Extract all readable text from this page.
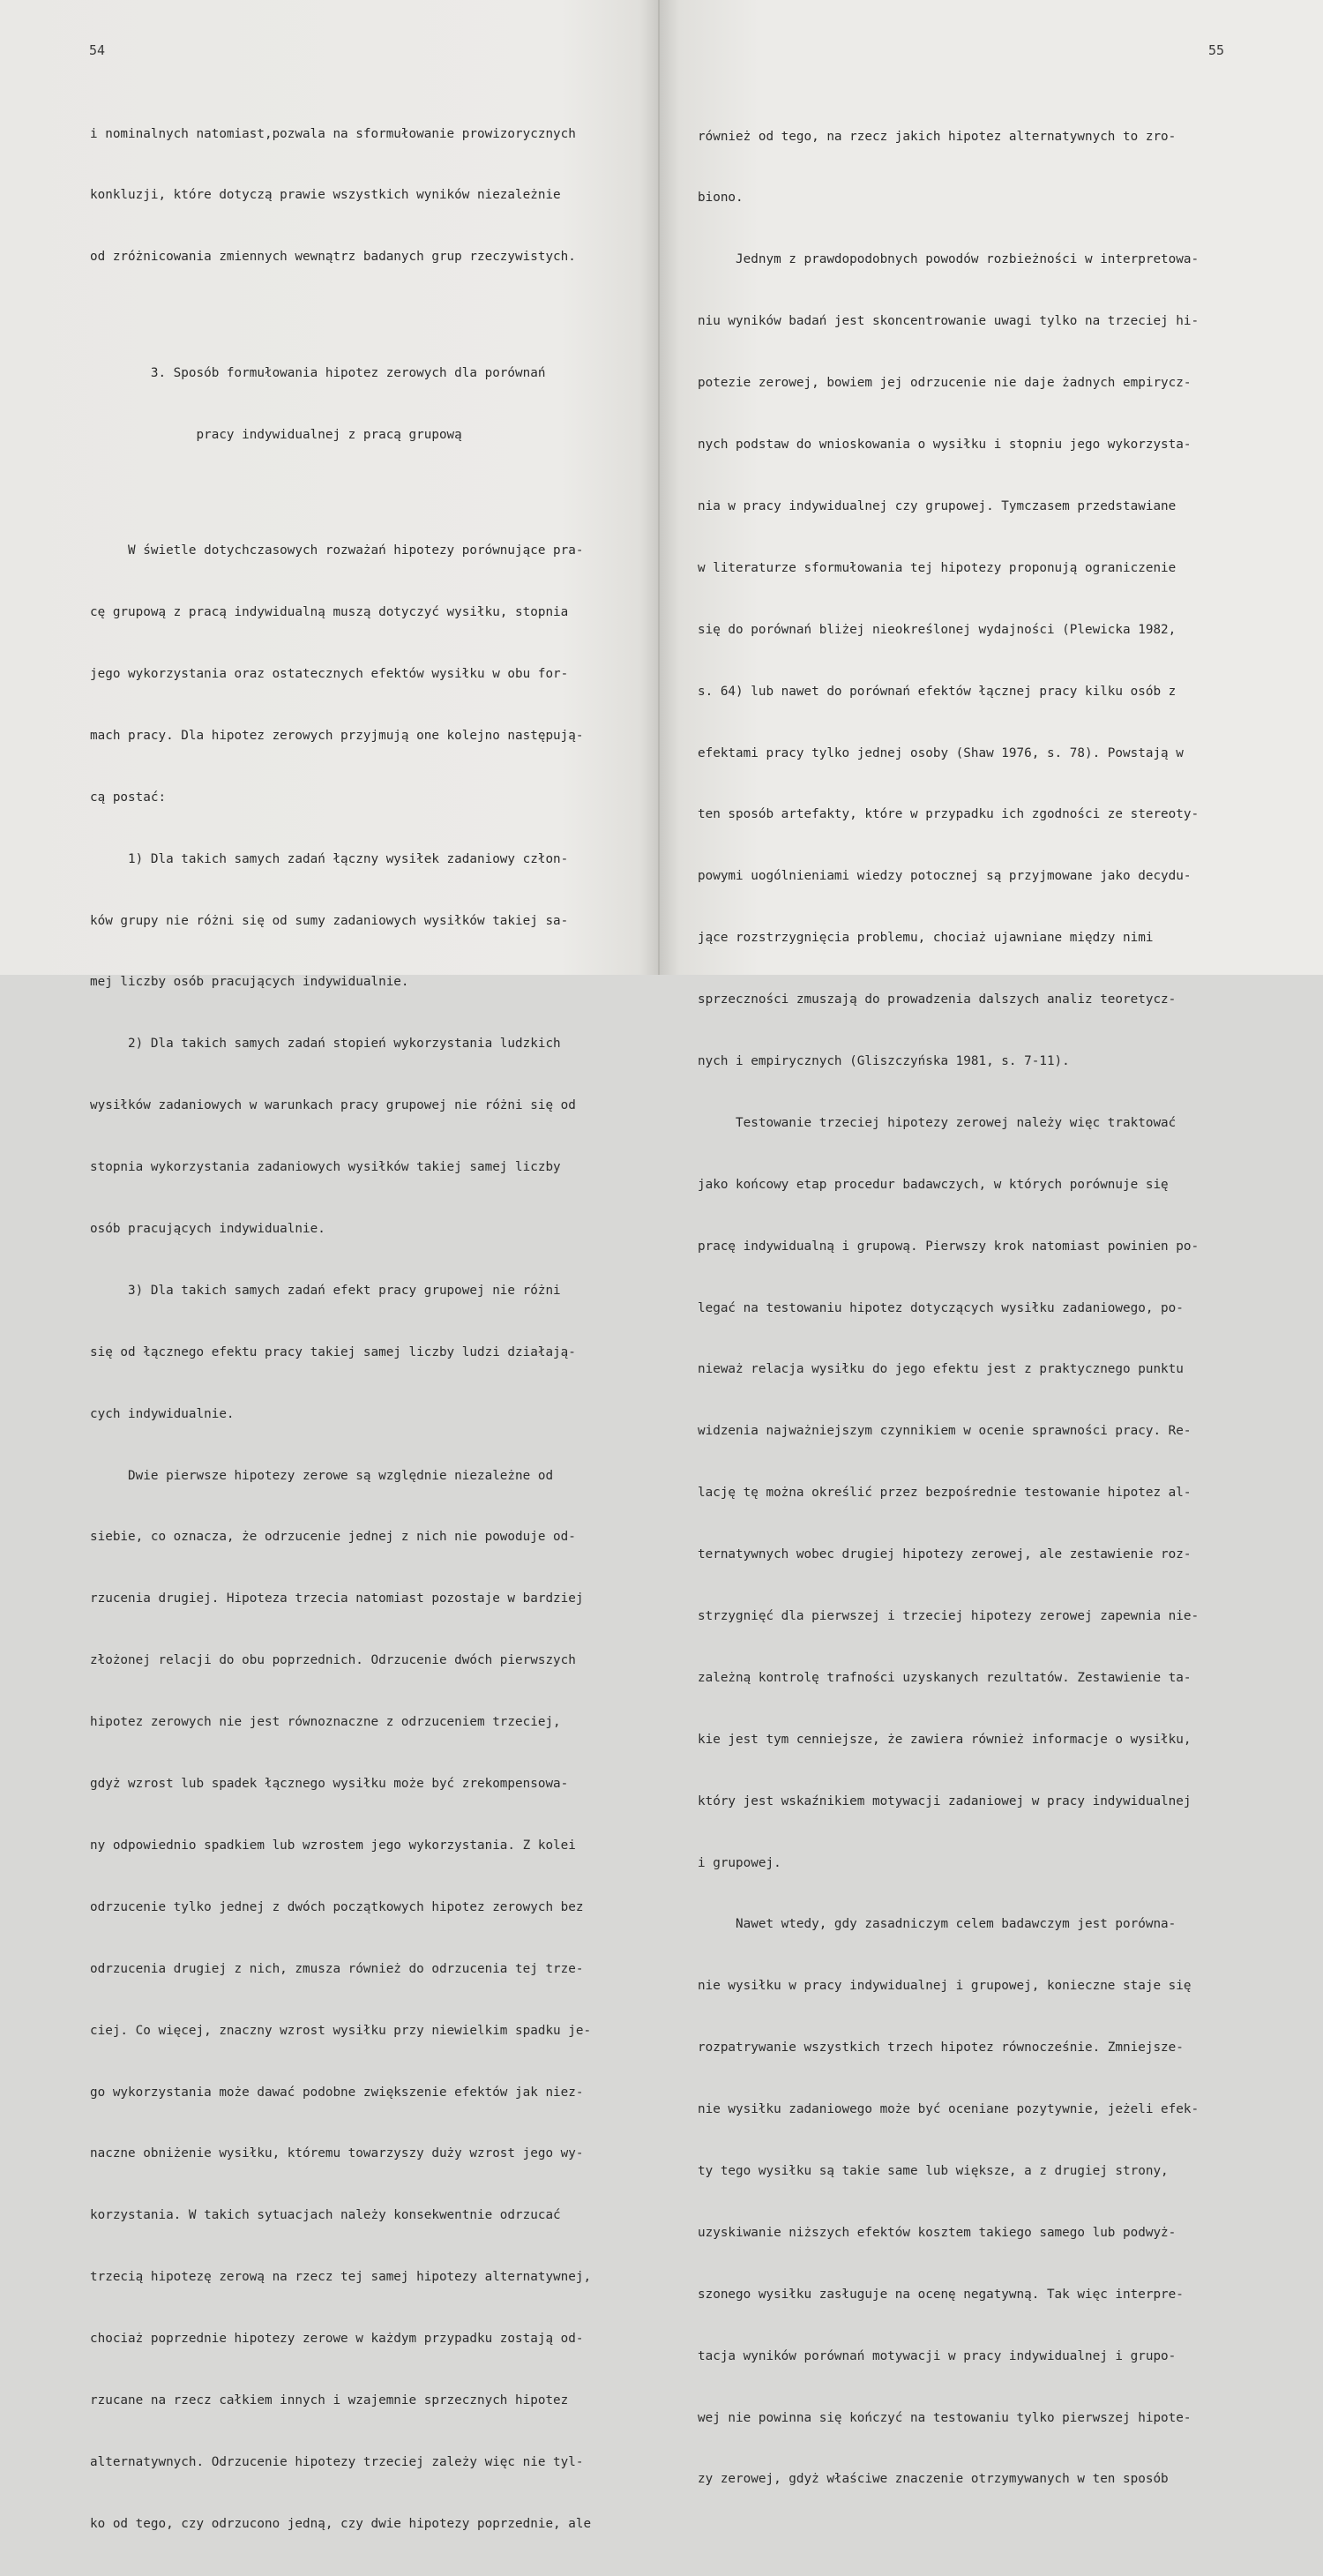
54

i nominalnych natomiast,pozwala na sformułowanie prowizorycznych

konkluzji, które dotyczą prawie wszystkich wyników niezależnie

od zróżnicowania zmiennych wewnątrz badanych grup rzeczywistych.

3. Sposób formułowania hipotez zerowych dla porównań

pracy indywidualnej z pracą grupową

W świetle dotychczasowych rozważań hipotezy porównujące pra-

cę grupową z pracą indywidualną muszą dotyczyć wysiłku, stopnia

jego wykorzystania oraz ostatecznych efektów wysiłku w obu for-

mach pracy. Dla hipotez zerowych przyjmują one kolejno następują-

cą postać:

1) Dla takich samych zadań łączny wysiłek zadaniowy człon-

ków grupy nie różni się od sumy zadaniowych wysiłków takiej sa-

mej liczby osób pracujących indywidualnie.

2) Dla takich samych zadań stopień wykorzystania ludzkich

wysiłków zadaniowych w warunkach pracy grupowej nie różni się od

stopnia wykorzystania zadaniowych wysiłków takiej samej liczby

osób pracujących indywidualnie.

3) Dla takich samych zadań efekt pracy grupowej nie różni

się od łącznego efektu pracy takiej samej liczby ludzi działają-

cych indywidualnie.

Dwie pierwsze hipotezy zerowe są względnie niezależne od

siebie, co oznacza, że odrzucenie jednej z nich nie powoduje od-

rzucenia drugiej. Hipoteza trzecia natomiast pozostaje w bardziej

złożonej relacji do obu poprzednich. Odrzucenie dwóch pierwszych

hipotez zerowych nie jest równoznaczne z odrzuceniem trzeciej,

gdyż wzrost lub spadek łącznego wysiłku może być zrekompensowa-

ny odpowiednio spadkiem lub wzrostem jego wykorzystania. Z kolei

odrzucenie tylko jednej z dwóch początkowych hipotez zerowych bez

odrzucenia drugiej z nich, zmusza również do odrzucenia tej trze-

ciej. Co więcej, znaczny wzrost wysiłku przy niewielkim spadku je-

go wykorzystania może dawać podobne zwiększenie efektów jak niez-

naczne obniżenie wysiłku, któremu towarzyszy duży wzrost jego wy-

korzystania. W takich sytuacjach należy konsekwentnie odrzucać

trzecią hipotezę zerową na rzecz tej samej hipotezy alternatywnej,

chociaż poprzednie hipotezy zerowe w każdym przypadku zostają od-

rzucane na rzecz całkiem innych i wzajemnie sprzecznych hipotez

alternatywnych. Odrzucenie hipotezy trzeciej zależy więc nie tyl-

ko od tego, czy odrzucono jedną, czy dwie hipotezy poprzednie, ale

55

również od tego, na rzecz jakich hipotez alternatywnych to zro-

biono.

Jednym z prawdopodobnych powodów rozbieżności w interpretowa-

niu wyników badań jest skoncentrowanie uwagi tylko na trzeciej hi-

potezie zerowej, bowiem jej odrzucenie nie daje żadnych empirycz-

nych podstaw do wnioskowania o wysiłku i stopniu jego wykorzysta-

nia w pracy indywidualnej czy grupowej. Tymczasem przedstawiane

w literaturze sformułowania tej hipotezy proponują ograniczenie

się do porównań bliżej nieokreślonej wydajności (Plewicka 1982,

s. 64) lub nawet do porównań efektów łącznej pracy kilku osób z

efektami pracy tylko jednej osoby (Shaw 1976, s. 78). Powstają w

ten sposób artefakty, które w przypadku ich zgodności ze stereoty-

powymi uogólnieniami wiedzy potocznej są przyjmowane jako decydu-

jące rozstrzygnięcia problemu, chociaż ujawniane między nimi

sprzeczności zmuszają do prowadzenia dalszych analiz teoretycz-

nych i empirycznych (Gliszczyńska 1981, s. 7-11).

Testowanie trzeciej hipotezy zerowej należy więc traktować

jako końcowy etap procedur badawczych, w których porównuje się

pracę indywidualną i grupową. Pierwszy krok natomiast powinien po-

legać na testowaniu hipotez dotyczących wysiłku zadaniowego, po-

nieważ relacja wysiłku do jego efektu jest z praktycznego punktu

widzenia najważniejszym czynnikiem w ocenie sprawności pracy. Re-

lację tę można określić przez bezpośrednie testowanie hipotez al-

ternatywnych wobec drugiej hipotezy zerowej, ale zestawienie roz-

strzygnięć dla pierwszej i trzeciej hipotezy zerowej zapewnia nie-

zależną kontrolę trafności uzyskanych rezultatów. Zestawienie ta-

kie jest tym cenniejsze, że zawiera również informacje o wysiłku,

który jest wskaźnikiem motywacji zadaniowej w pracy indywidualnej

i grupowej.

Nawet wtedy, gdy zasadniczym celem badawczym jest porówna-

nie wysiłku w pracy indywidualnej i grupowej, konieczne staje się

rozpatrywanie wszystkich trzech hipotez równocześnie. Zmniejsze-

nie wysiłku zadaniowego może być oceniane pozytywnie, jeżeli efek-

ty tego wysiłku są takie same lub większe, a z drugiej strony,

uzyskiwanie niższych efektów kosztem takiego samego lub podwyż-

szonego wysiłku zasługuje na ocenę negatywną. Tak więc interpre-

tacja wyników porównań motywacji w pracy indywidualnej i grupo-

wej nie powinna się kończyć na testowaniu tylko pierwszej hipote-

zy zerowej, gdyż właściwe znaczenie otrzymywanych w ten sposób
